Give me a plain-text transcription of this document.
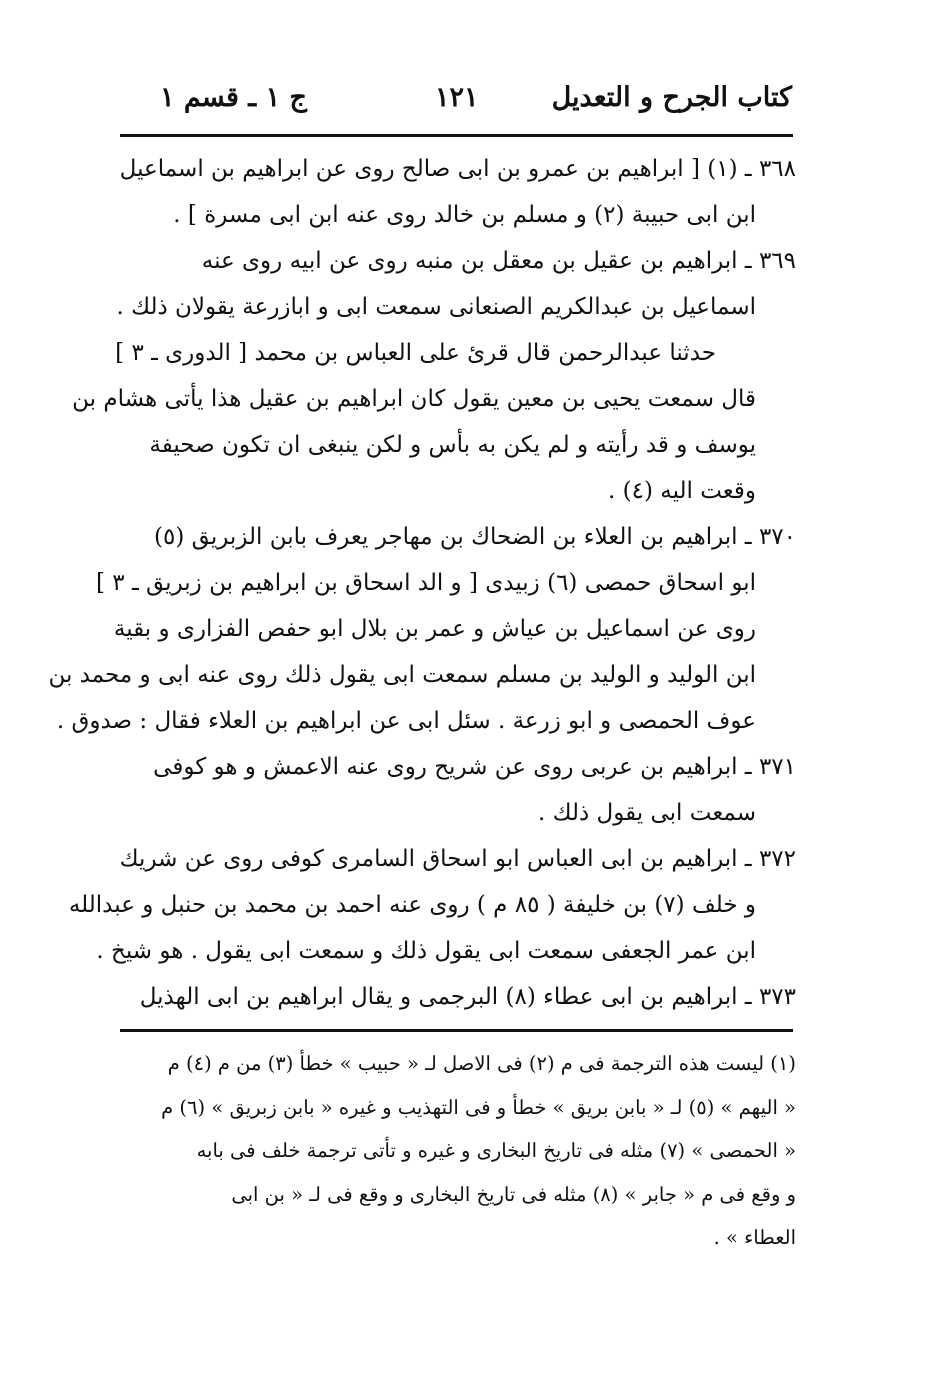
كتاب الجرح و التعديل
١٢١
ج ١ ـ قسم ١
٣٦٨ ـ (١) [ ابراهيم بن عمرو بن ابى صالح روى عن ابراهيم بن اسماعيل
ابن ابى حبيبة (٢) و مسلم بن خالد روى عنه ابن ابى مسرة ] .
٣٦٩ ـ ابراهيم بن عقيل بن معقل بن منبه روى عن ابيه روى عنه
اسماعيل بن عبدالكريم الصنعانى سمعت ابى و ابازرعة يقولان ذلك .
حدثنا عبدالرحمن قال قرئ على العباس بن محمد [ الدورى ـ ٣ ]
قال سمعت يحيى بن معين يقول كان ابراهيم بن عقيل هذا يأتى هشام بن
يوسف و قد رأيته و لم يكن به بأس و لكن ينبغى ان تكون صحيفة
وقعت اليه (٤) .
٣٧٠ ـ ابراهيم بن العلاء بن الضحاك بن مهاجر يعرف بابن الزبريق (٥)
ابو اسحاق حمصى (٦) زبيدى [ و الد اسحاق بن ابراهيم بن زبريق ـ ٣ ]
روى عن اسماعيل بن عياش و عمر بن بلال ابو حفص الفزارى و بقية
ابن الوليد و الوليد بن مسلم سمعت ابى يقول ذلك روى عنه ابى و محمد بن
عوف الحمصى و ابو زرعة . سئل ابى عن ابراهيم بن العلاء فقال : صدوق .
٣٧١ ـ ابراهيم بن عربى روى عن شريح روى عنه الاعمش و هو كوفى
سمعت ابى يقول ذلك .
٣٧٢ ـ ابراهيم بن ابى العباس ابو اسحاق السامرى كوفى روى عن شريك
و خلف (٧) بن خليفة ( ٨٥ م ) روى عنه احمد بن محمد بن حنبل و عبدالله
ابن عمر الجعفى سمعت ابى يقول ذلك و سمعت ابى يقول . هو شيخ .
٣٧٣ ـ ابراهيم بن ابى عطاء (٨) البرجمى و يقال ابراهيم بن ابى الهذيل
(١) ليست هذه الترجمة فى م (٢) فى الاصل لـ « حبيب » خطأ (٣) من م (٤) م
« اليهم » (٥) لـ « بابن بريق » خطأ و فى التهذيب و غيره « بابن زبريق » (٦) م
« الحمصى » (٧) مثله فى تاريخ البخارى و غيره و تأتى ترجمة خلف فى بابه
و وقع فى م « جابر » (٨) مثله فى تاريخ البخارى و وقع فى لـ « بن ابى
العطاء » .
